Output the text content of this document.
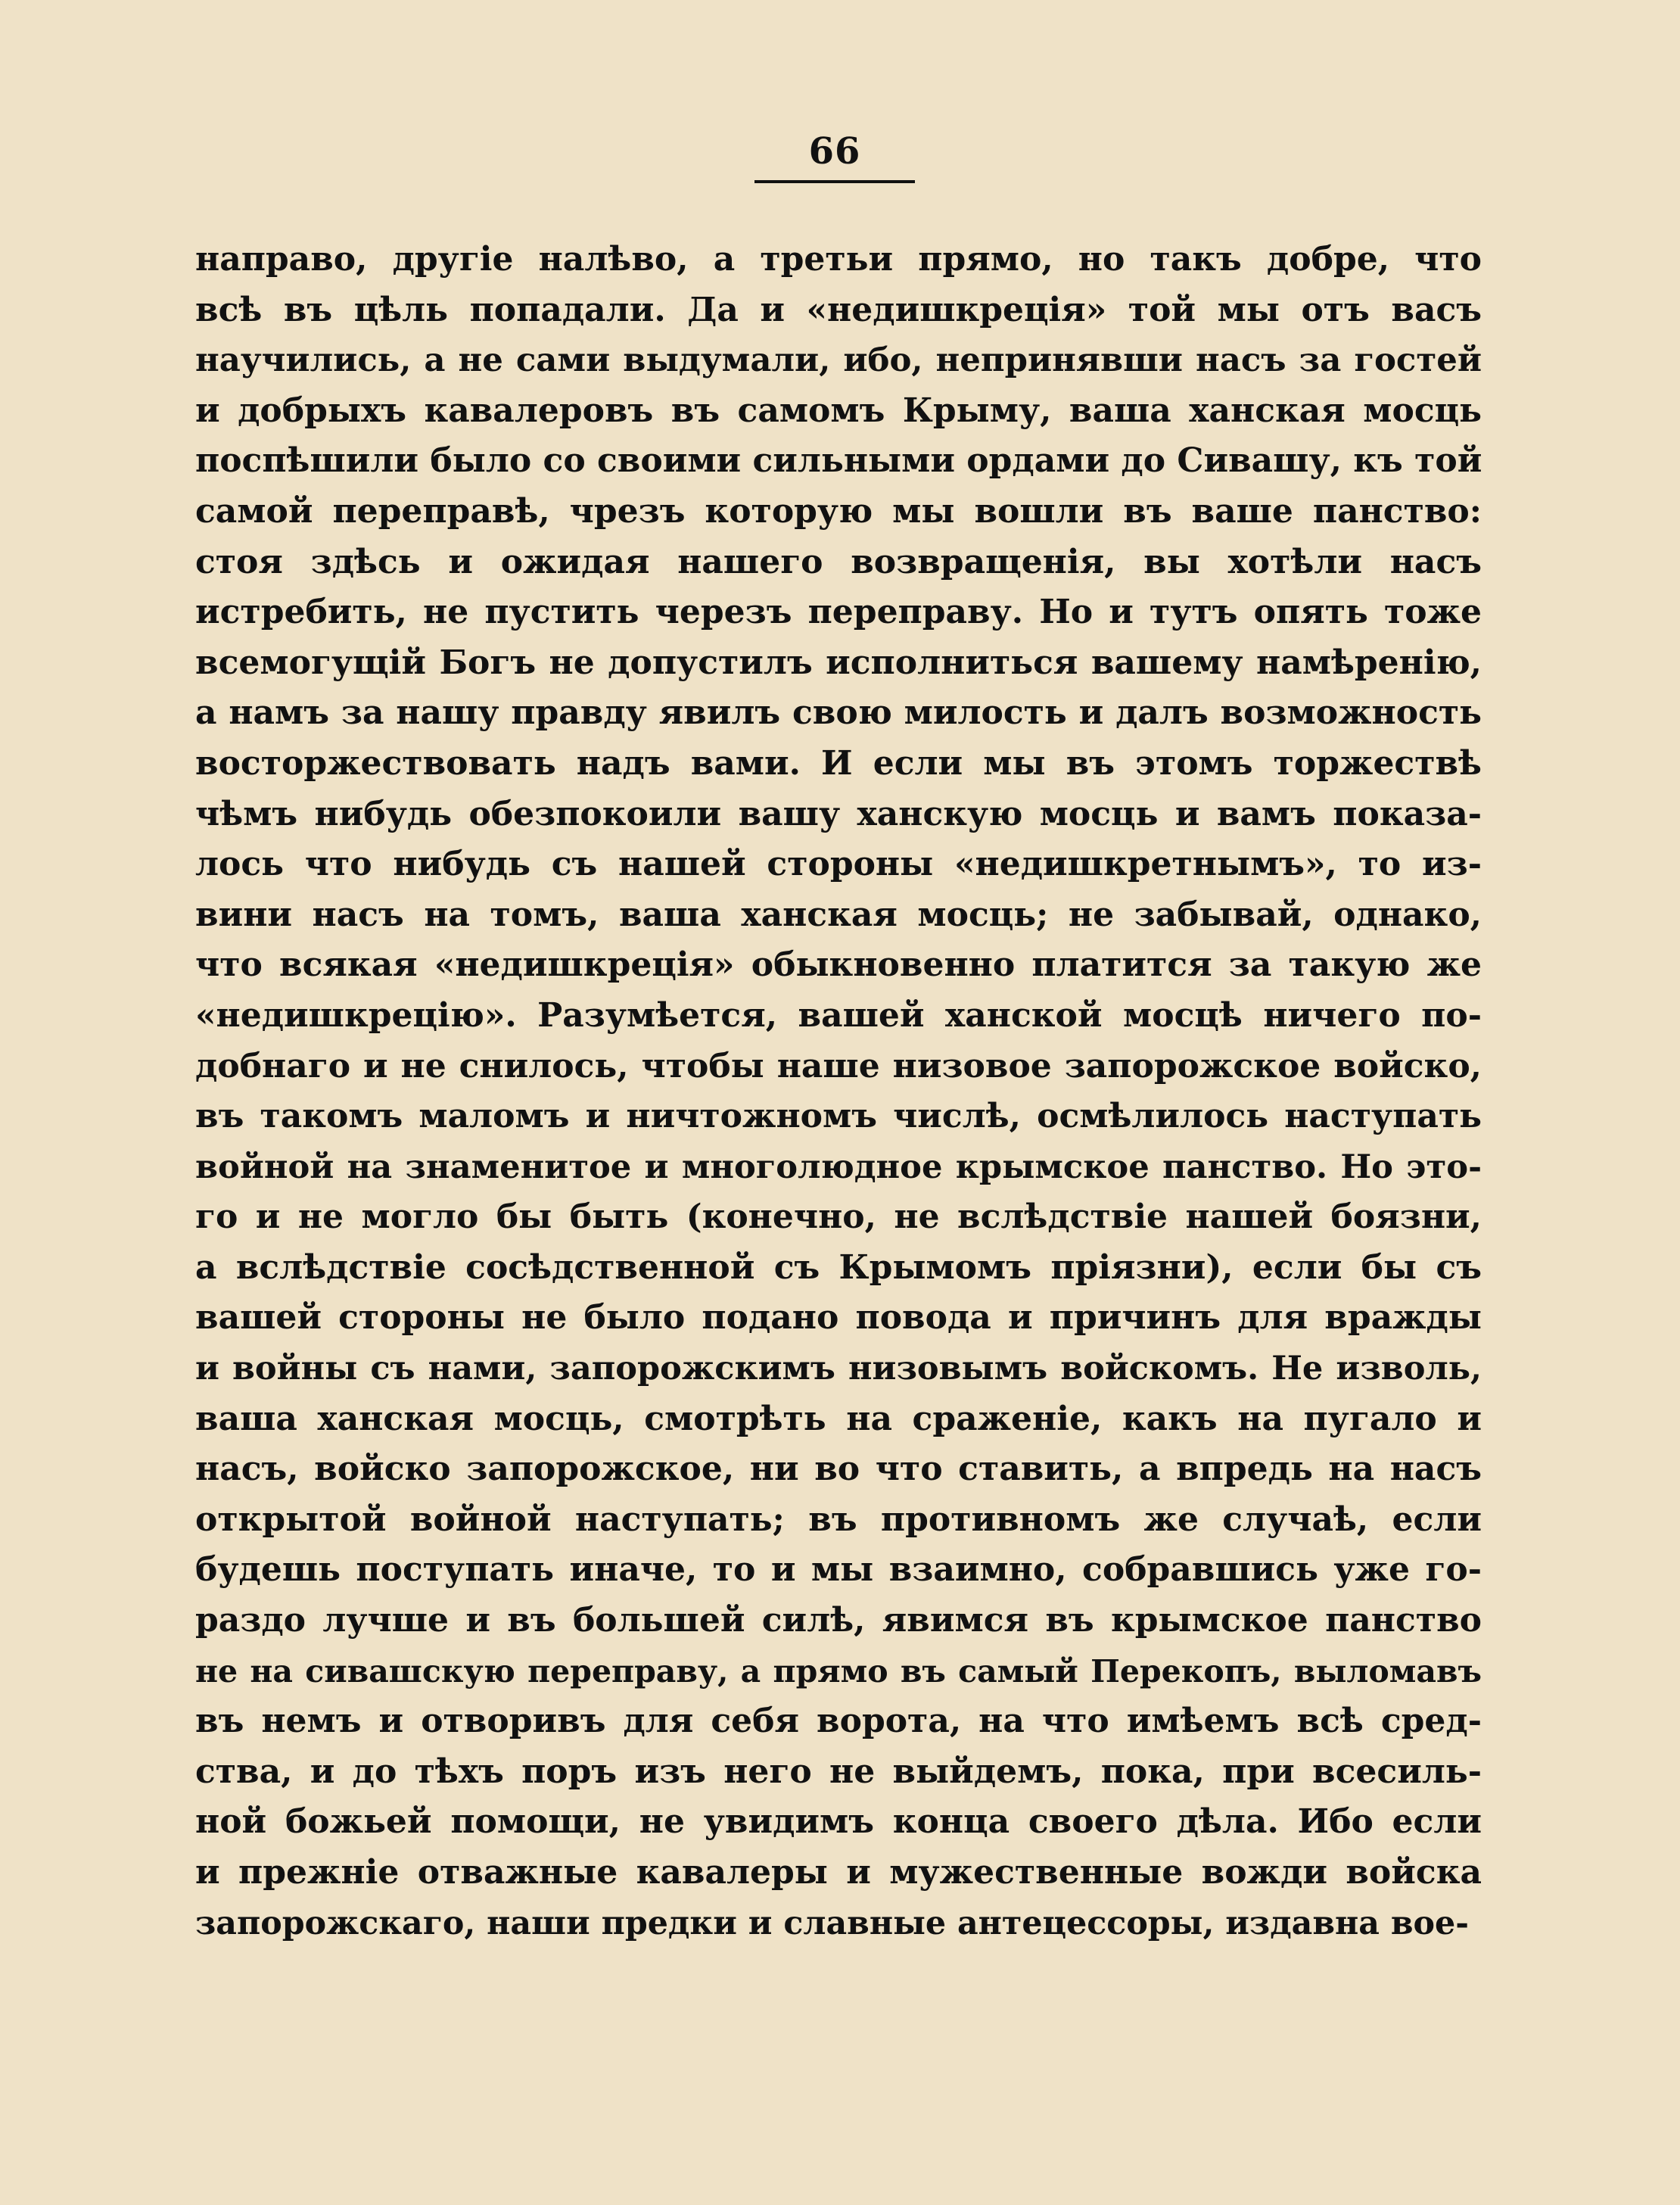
66
направо, другіе налѣво, а третьи прямо, но такъ добре, что
всѣ въ цѣль попадали. Да и «недишкреція» той мы отъ васъ
научились, а не сами выдумали, ибо, непринявши насъ за гостей
и добрыхъ кавалеровъ въ самомъ Крыму, ваша ханская мосць
поспѣшили было со своими сильными ордами до Сивашу, къ той
самой переправѣ, чрезъ которую мы вошли въ ваше панство:
стоя здѣсь и ожидая нашего возвращенія, вы хотѣли насъ
истребить, не пустить черезъ переправу. Но и тутъ опять тоже
всемогущій Богъ не допустилъ исполниться вашему намѣренію,
а намъ за нашу правду явилъ свою милость и далъ возможность
восторжествовать надъ вами. И если мы въ этомъ торжествѣ
чѣмъ нибудь обезпокоили вашу ханскую мосць и вамъ показа-
лось что нибудь съ нашей стороны «недишкретнымъ», то из-
вини насъ на томъ, ваша ханская мосць; не забывай, однако,
что всякая «недишкреція» обыкновенно платится за такую же
«недишкрецію». Разумѣется, вашей ханской мосцѣ ничего по-
добнаго и не снилось, чтобы наше низовое запорожское войско,
въ такомъ маломъ и ничтожномъ числѣ, осмѣлилось наступать
войной на знаменитое и многолюдное крымское панство. Но это-
го и не могло бы быть (конечно, не вслѣдствіе нашей боязни,
а вслѣдствіе сосѣдственной съ Крымомъ пріязни), если бы съ
вашей стороны не было подано повода и причинъ для вражды
и войны съ нами, запорожскимъ низовымъ войскомъ. Не изволь,
ваша ханская мосць, смотрѣть на сраженіе, какъ на пугало и
насъ, войско запорожское, ни во что ставить, а впредь на насъ
открытой войной наступать; въ противномъ же случаѣ, если
будешь поступать иначе, то и мы взаимно, собравшись уже го-
раздо лучше и въ большей силѣ, явимся въ крымское панство
не на сивашскую переправу, а прямо въ самый Перекопъ, выломавъ
въ немъ и отворивъ для себя ворота, на что имѣемъ всѣ сред-
ства, и до тѣхъ поръ изъ него не выйдемъ, пока, при всесиль-
ной божьей помощи, не увидимъ конца своего дѣла. Ибо если
и прежніе отважные кавалеры и мужественные вожди войска
запорожскаго, наши предки и славные антецессоры, издавна вое-
